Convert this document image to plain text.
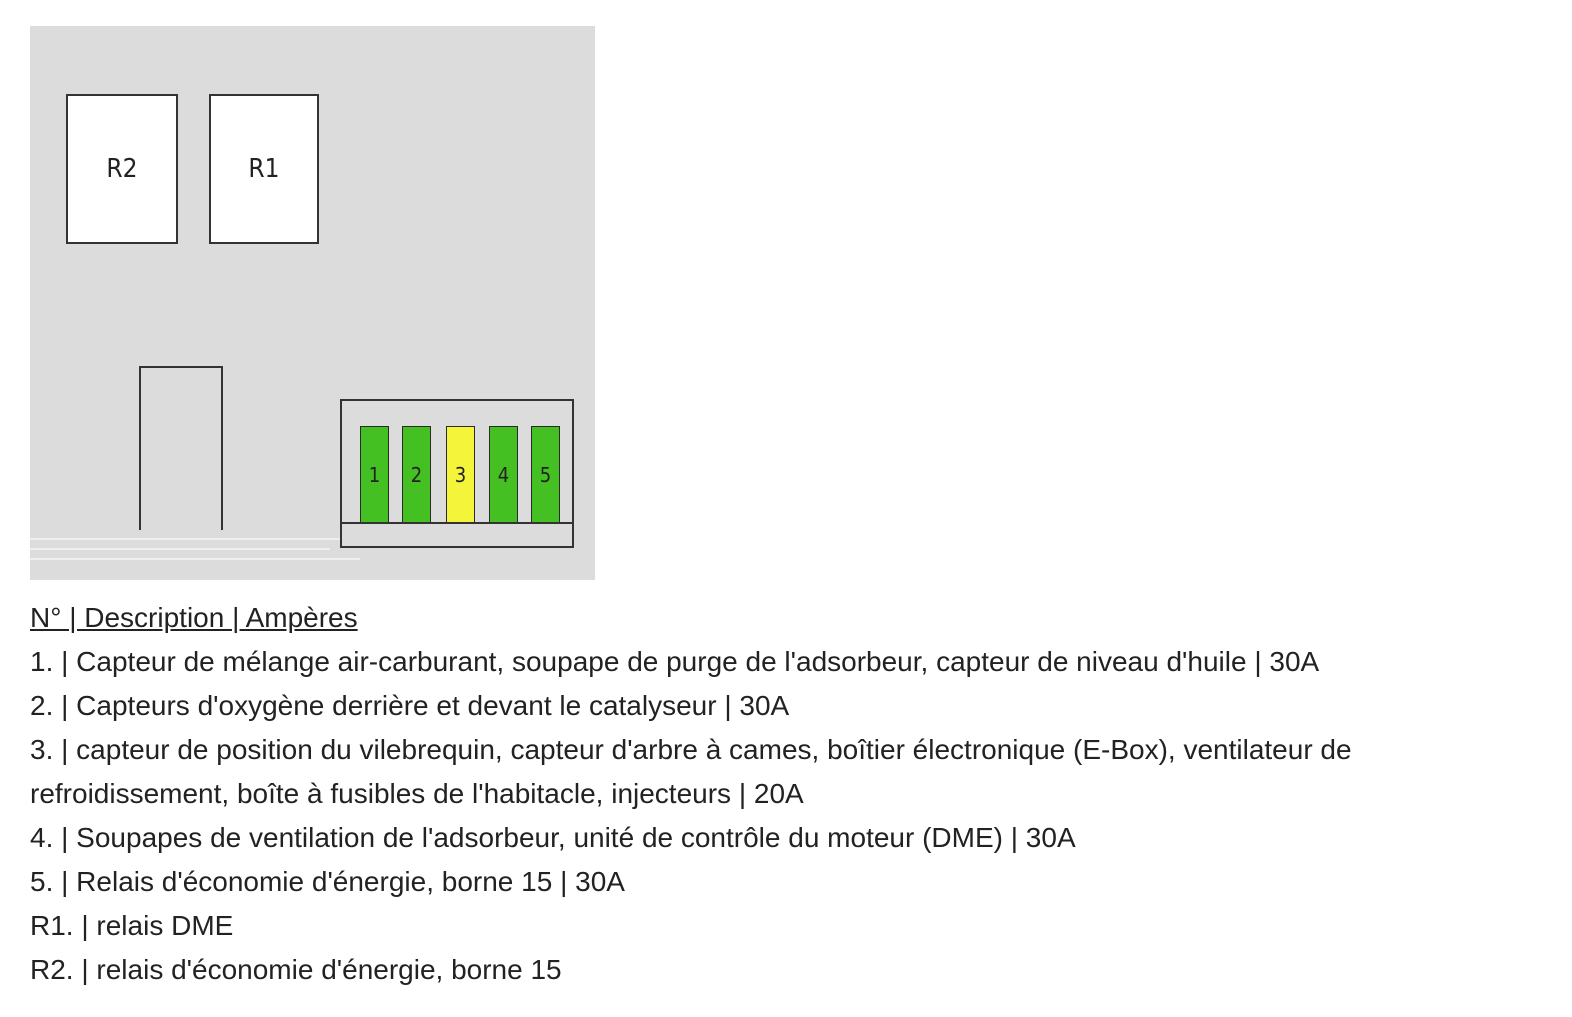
R2	R1
1 2 3 4 5

N° | Description | Ampères

1. | Capteur de mélange air-carburant, soupape de purge de l'adsorbeur, capteur de niveau d'huile | 30A

2. | Capteurs d'oxygène derrière et devant le catalyseur | 30A

3. | capteur de position du vilebrequin, capteur d'arbre à cames, boîtier électronique (E-Box), ventilateur de refroidissement, boîte à fusibles de l'habitacle, injecteurs | 20A

4. | Soupapes de ventilation de l'adsorbeur, unité de contrôle du moteur (DME) | 30A

5. | Relais d'économie d'énergie, borne 15 | 30A

R1. | relais DME

R2. | relais d'économie d'énergie, borne 15
